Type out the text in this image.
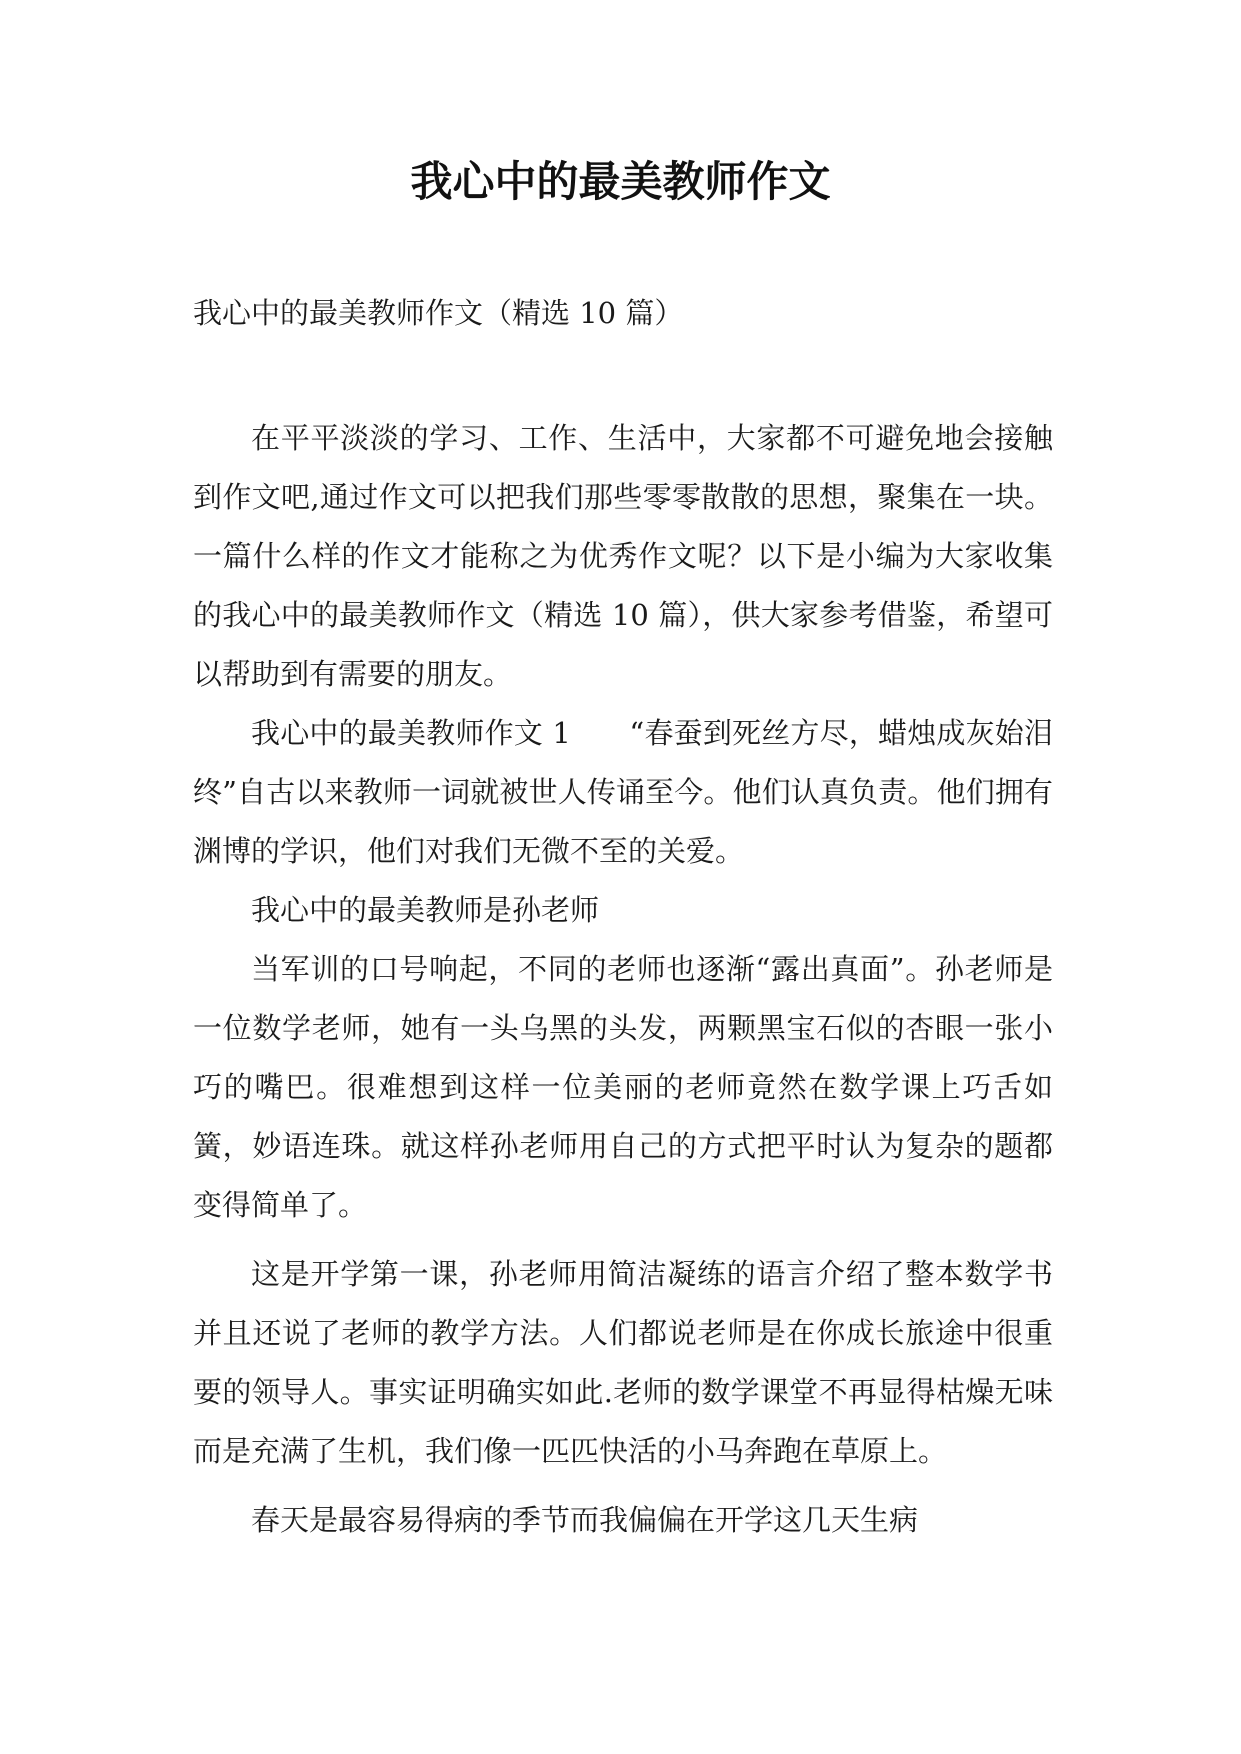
我心中的最美教师作文

我心中的最美教师作文（精选 10 篇）

在平平淡淡的学习、工作、生活中，大家都不可避免地会接触到作文吧,通过作文可以把我们那些零零散散的思想，聚集在一块。一篇什么样的作文才能称之为优秀作文呢？以下是小编为大家收集的我心中的最美教师作文（精选 10 篇），供大家参考借鉴，希望可以帮助到有需要的朋友。

我心中的最美教师作文 1　　“春蚕到死丝方尽，蜡烛成灰始泪终”自古以来教师一词就被世人传诵至今。他们认真负责。他们拥有渊博的学识，他们对我们无微不至的关爱。

我心中的最美教师是孙老师

当军训的口号响起，不同的老师也逐渐“露出真面”。孙老师是一位数学老师，她有一头乌黑的头发，两颗黑宝石似的杏眼一张小巧的嘴巴。很难想到这样一位美丽的老师竟然在数学课上巧舌如簧，妙语连珠。就这样孙老师用自己的方式把平时认为复杂的题都变得简单了。

这是开学第一课，孙老师用简洁凝练的语言介绍了整本数学书并且还说了老师的教学方法。人们都说老师是在你成长旅途中很重要的领导人。事实证明确实如此.老师的数学课堂不再显得枯燥无味而是充满了生机，我们像一匹匹快活的小马奔跑在草原上。

春天是最容易得病的季节而我偏偏在开学这几天生病
